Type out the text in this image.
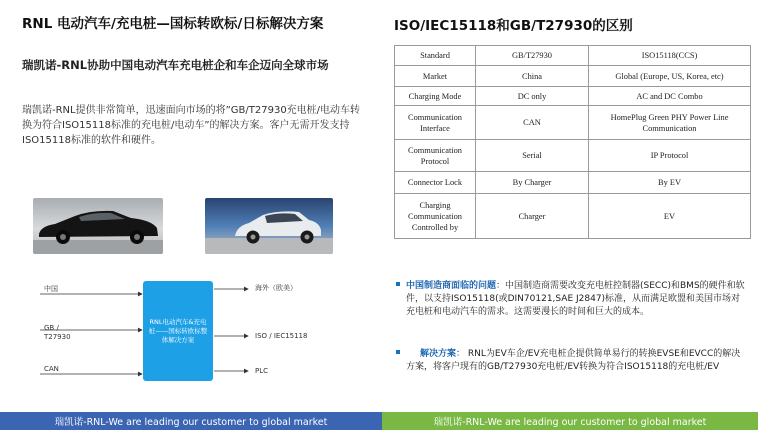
RNL 电动汽车/充电桩—国标转欧标/日标解决方案
瑞凯诺-RNL协助中国电动汽车充电桩企和车企迈向全球市场
瑞凯诺-RNL提供非常简单，迅速面向市场的将”GB/T27930充电桩/电动车转换为符合ISO15118标准的充电桩/电动车”的解决方案。客户无需开发支持ISO15118标准的软件和硬件。
中国
GB /
T27930
CAN
RNL电动汽车&充电桩——国标转欧标整体解决方案
海外（欧美）
ISO / IEC15118
PLC
ISO/IEC15118和GB/T27930的区别
Standard	GB/T27930	ISO15118(CCS)
Market	China	Global (Europe, US, Korea, etc)
Charging Mode	DC only	AC and DC Combo
Communication Interface	CAN	HomePlug Green PHY Power Line Communication
Communication Protocol	Serial	IP Protocol
Connector Lock	By Charger	By EV
Charging Communication Controlled by	Charger	EV
中国制造商面临的问题：中国制造商需要改变充电桩控制器(SECC)和BMS的硬件和软件，以支持ISO15118(或DIN70121,SAE J2847)标准，从而满足欧盟和美国市场对充电桩和电动汽车的需求。这需要漫长的时间和巨大的成本。
解决方案： RNL为EV车企/EV充电桩企提供简单易行的转换EVSE和EVCC的解决方案，将客户现有的GB/T27930充电桩/EV转换为符合ISO15118的充电桩/EV
瑞凯诺-RNL-We are leading our customer to global market	瑞凯诺-RNL-We are leading our customer to global market
